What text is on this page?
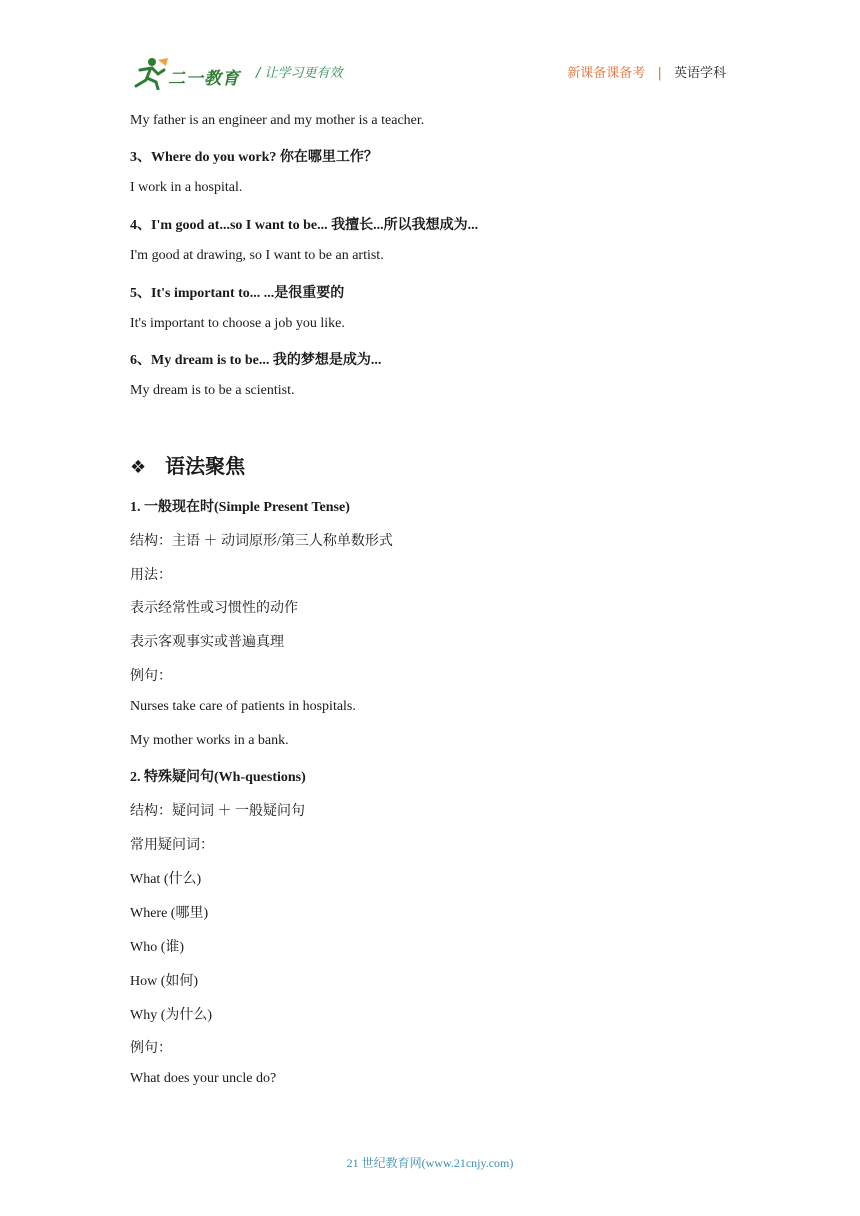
二一教育 / 让学习更有效	新课备课备考 | 英语学科
My father is an engineer and my mother is a teacher.
3、Where do you work? 你在哪里工作？
I work in a hospital.
4、I'm good at...so I want to be... 我擅长...所以我想成为...
I'm good at drawing, so I want to be an artist.
5、It's important to... ...是很重要的
It's important to choose a job you like.
6、My dream is to be... 我的梦想是成为...
My dream is to be a scientist.
❖ 语法聚焦
1. 一般现在时(Simple Present Tense)
结构：主语 ＋ 动词原形/第三人称单数形式
用法：
表示经常性或习惯性的动作
表示客观事实或普遍真理
例句：
Nurses take care of patients in hospitals.
My mother works in a bank.
2. 特殊疑问句(Wh-questions)
结构：疑问词 ＋ 一般疑问句
常用疑问词：
What (什么)
Where (哪里)
Who (谁)
How (如何)
Why (为什么)
例句：
What does your uncle do?
21 世纪教育网(www.21cnjy.com)
